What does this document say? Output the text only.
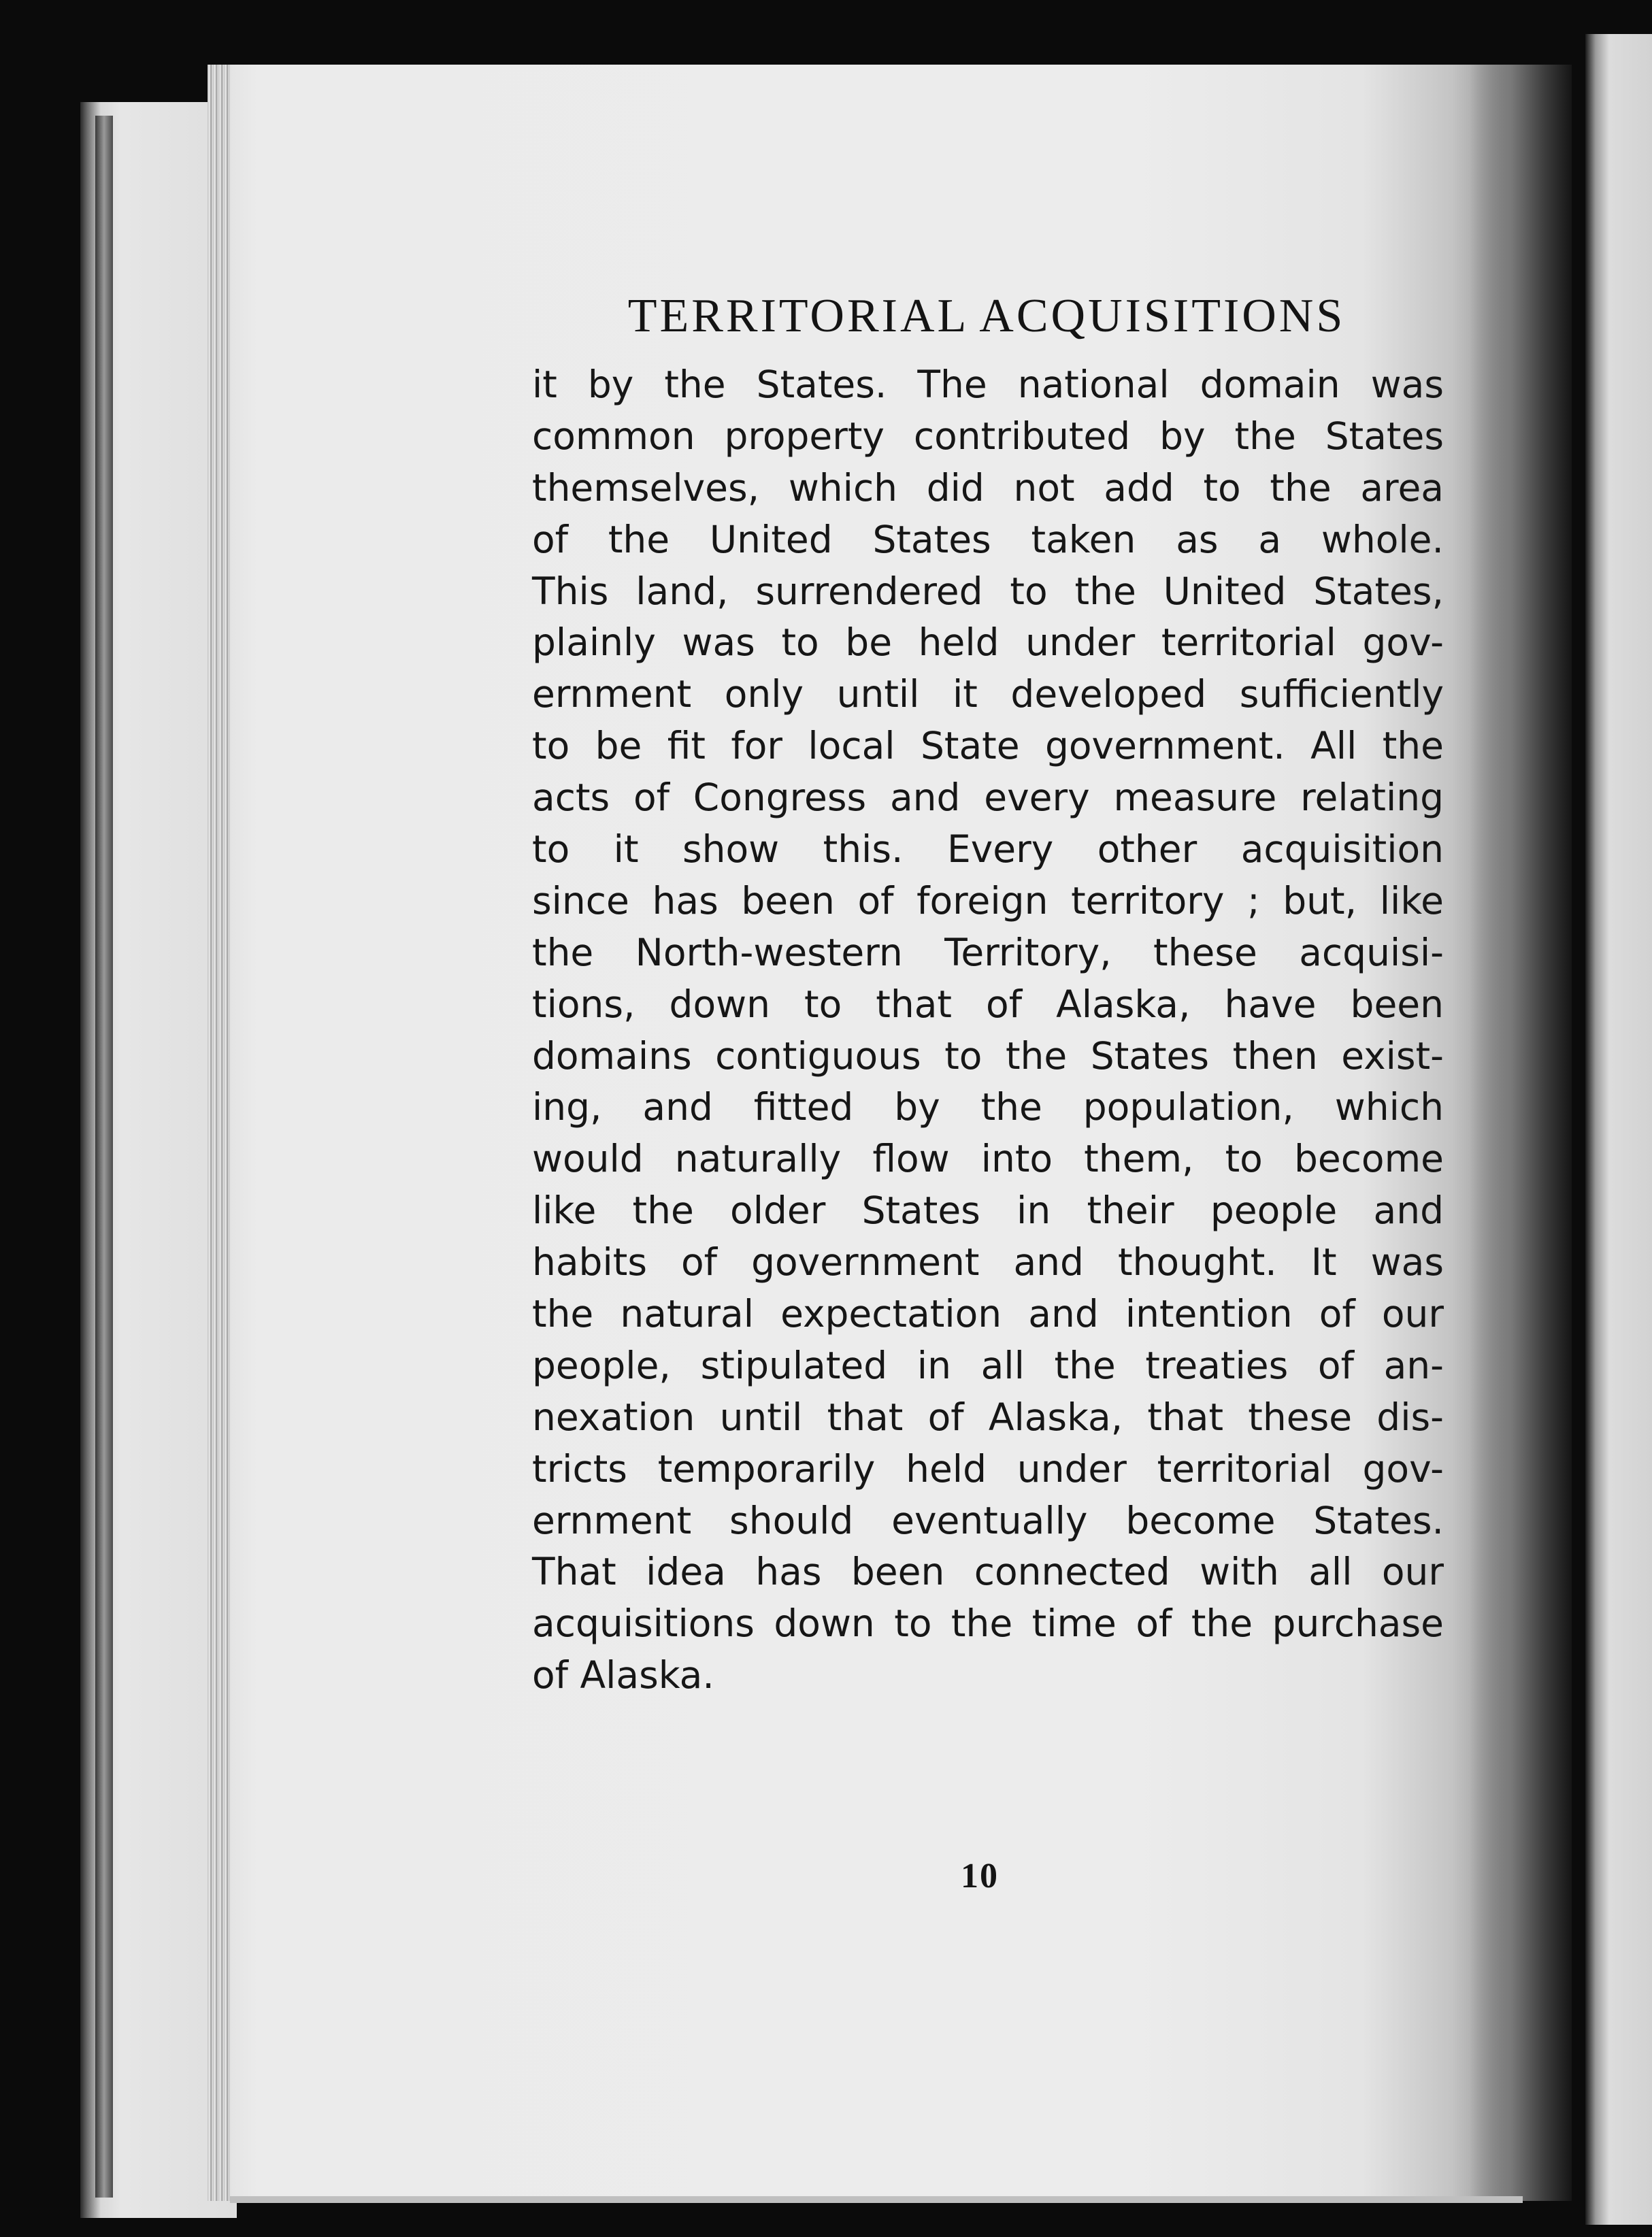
TERRITORIAL ACQUISITIONS
it by the States. The national domain was
common property contributed by the States
themselves, which did not add to the area
of the United States taken as a whole.
This land, surrendered to the United States,
plainly was to be held under territorial gov-
ernment only until it developed sufficiently
to be fit for local State government. All the
acts of Congress and every measure relating
to it show this. Every other acquisition
since has been of foreign territory ; but, like
the North-western Territory, these acquisi-
tions, down to that of Alaska, have been
domains contiguous to the States then exist-
ing, and fitted by the population, which
would naturally flow into them, to become
like the older States in their people and
habits of government and thought. It was
the natural expectation and intention of our
people, stipulated in all the treaties of an-
nexation until that of Alaska, that these dis-
tricts temporarily held under territorial gov-
ernment should eventually become States.
That idea has been connected with all our
acquisitions down to the time of the purchase
of Alaska.
10
